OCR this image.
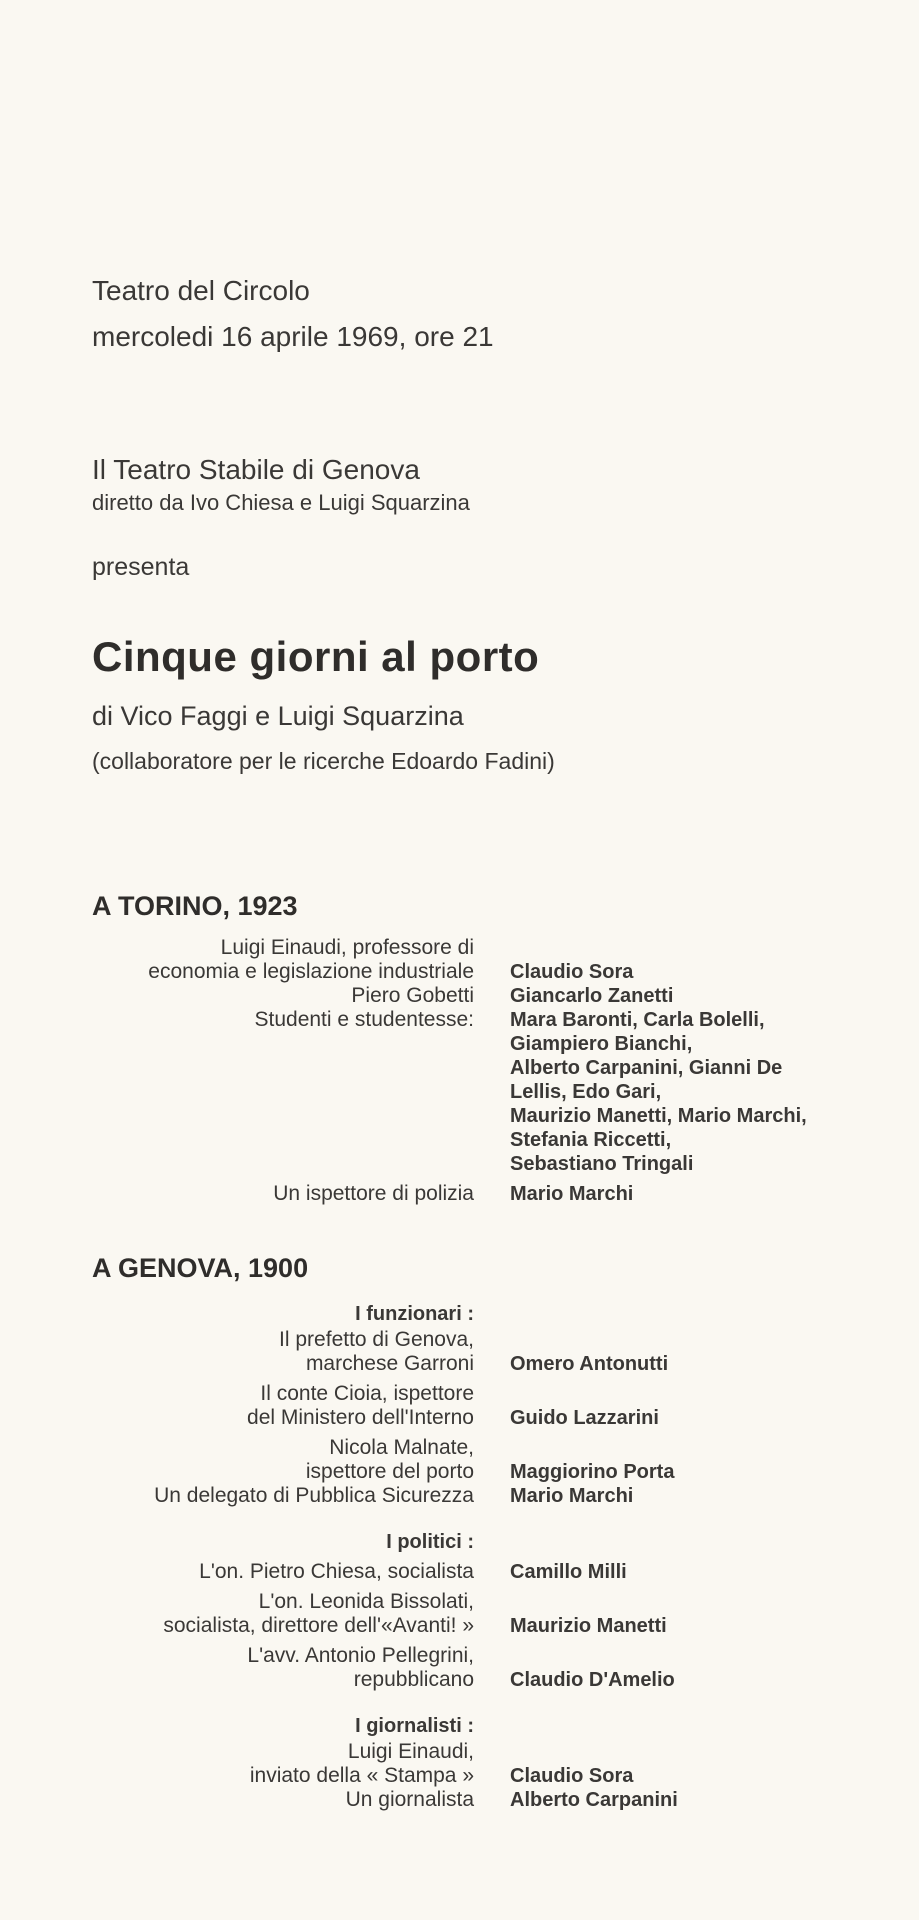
Teatro del Circolo
mercoledi 16 aprile 1969, ore 21
Il Teatro Stabile di Genova
diretto da Ivo Chiesa e Luigi Squarzina
presenta
Cinque giorni al porto
di Vico Faggi e Luigi Squarzina
(collaboratore per le ricerche Edoardo Fadini)
A TORINO, 1923
Luigi Einaudi, professore di
economia e legislazione industriale Claudio Sora
Piero Gobetti Giancarlo Zanetti
Studenti e studentesse: Mara Baronti, Carla Bolelli,
Giampiero Bianchi,
Alberto Carpanini, Gianni De
Lellis, Edo Gari,
Maurizio Manetti, Mario Marchi,
Stefania Riccetti,
Sebastiano Tringali
Un ispettore di polizia Mario Marchi
A GENOVA, 1900
I funzionari :
Il prefetto di Genova,
marchese Garroni Omero Antonutti
Il conte Cioia, ispettore
del Ministero dell'Interno Guido Lazzarini
Nicola Malnate,
ispettore del porto Maggiorino Porta
Un delegato di Pubblica Sicurezza Mario Marchi
I politici :
L'on. Pietro Chiesa, socialista Camillo Milli
L'on. Leonida Bissolati,
socialista, direttore dell'«Avanti! » Maurizio Manetti
L'avv. Antonio Pellegrini,
repubblicano Claudio D'Amelio
I giornalisti :
Luigi Einaudi,
inviato della « Stampa » Claudio Sora
Un giornalista Alberto Carpanini
